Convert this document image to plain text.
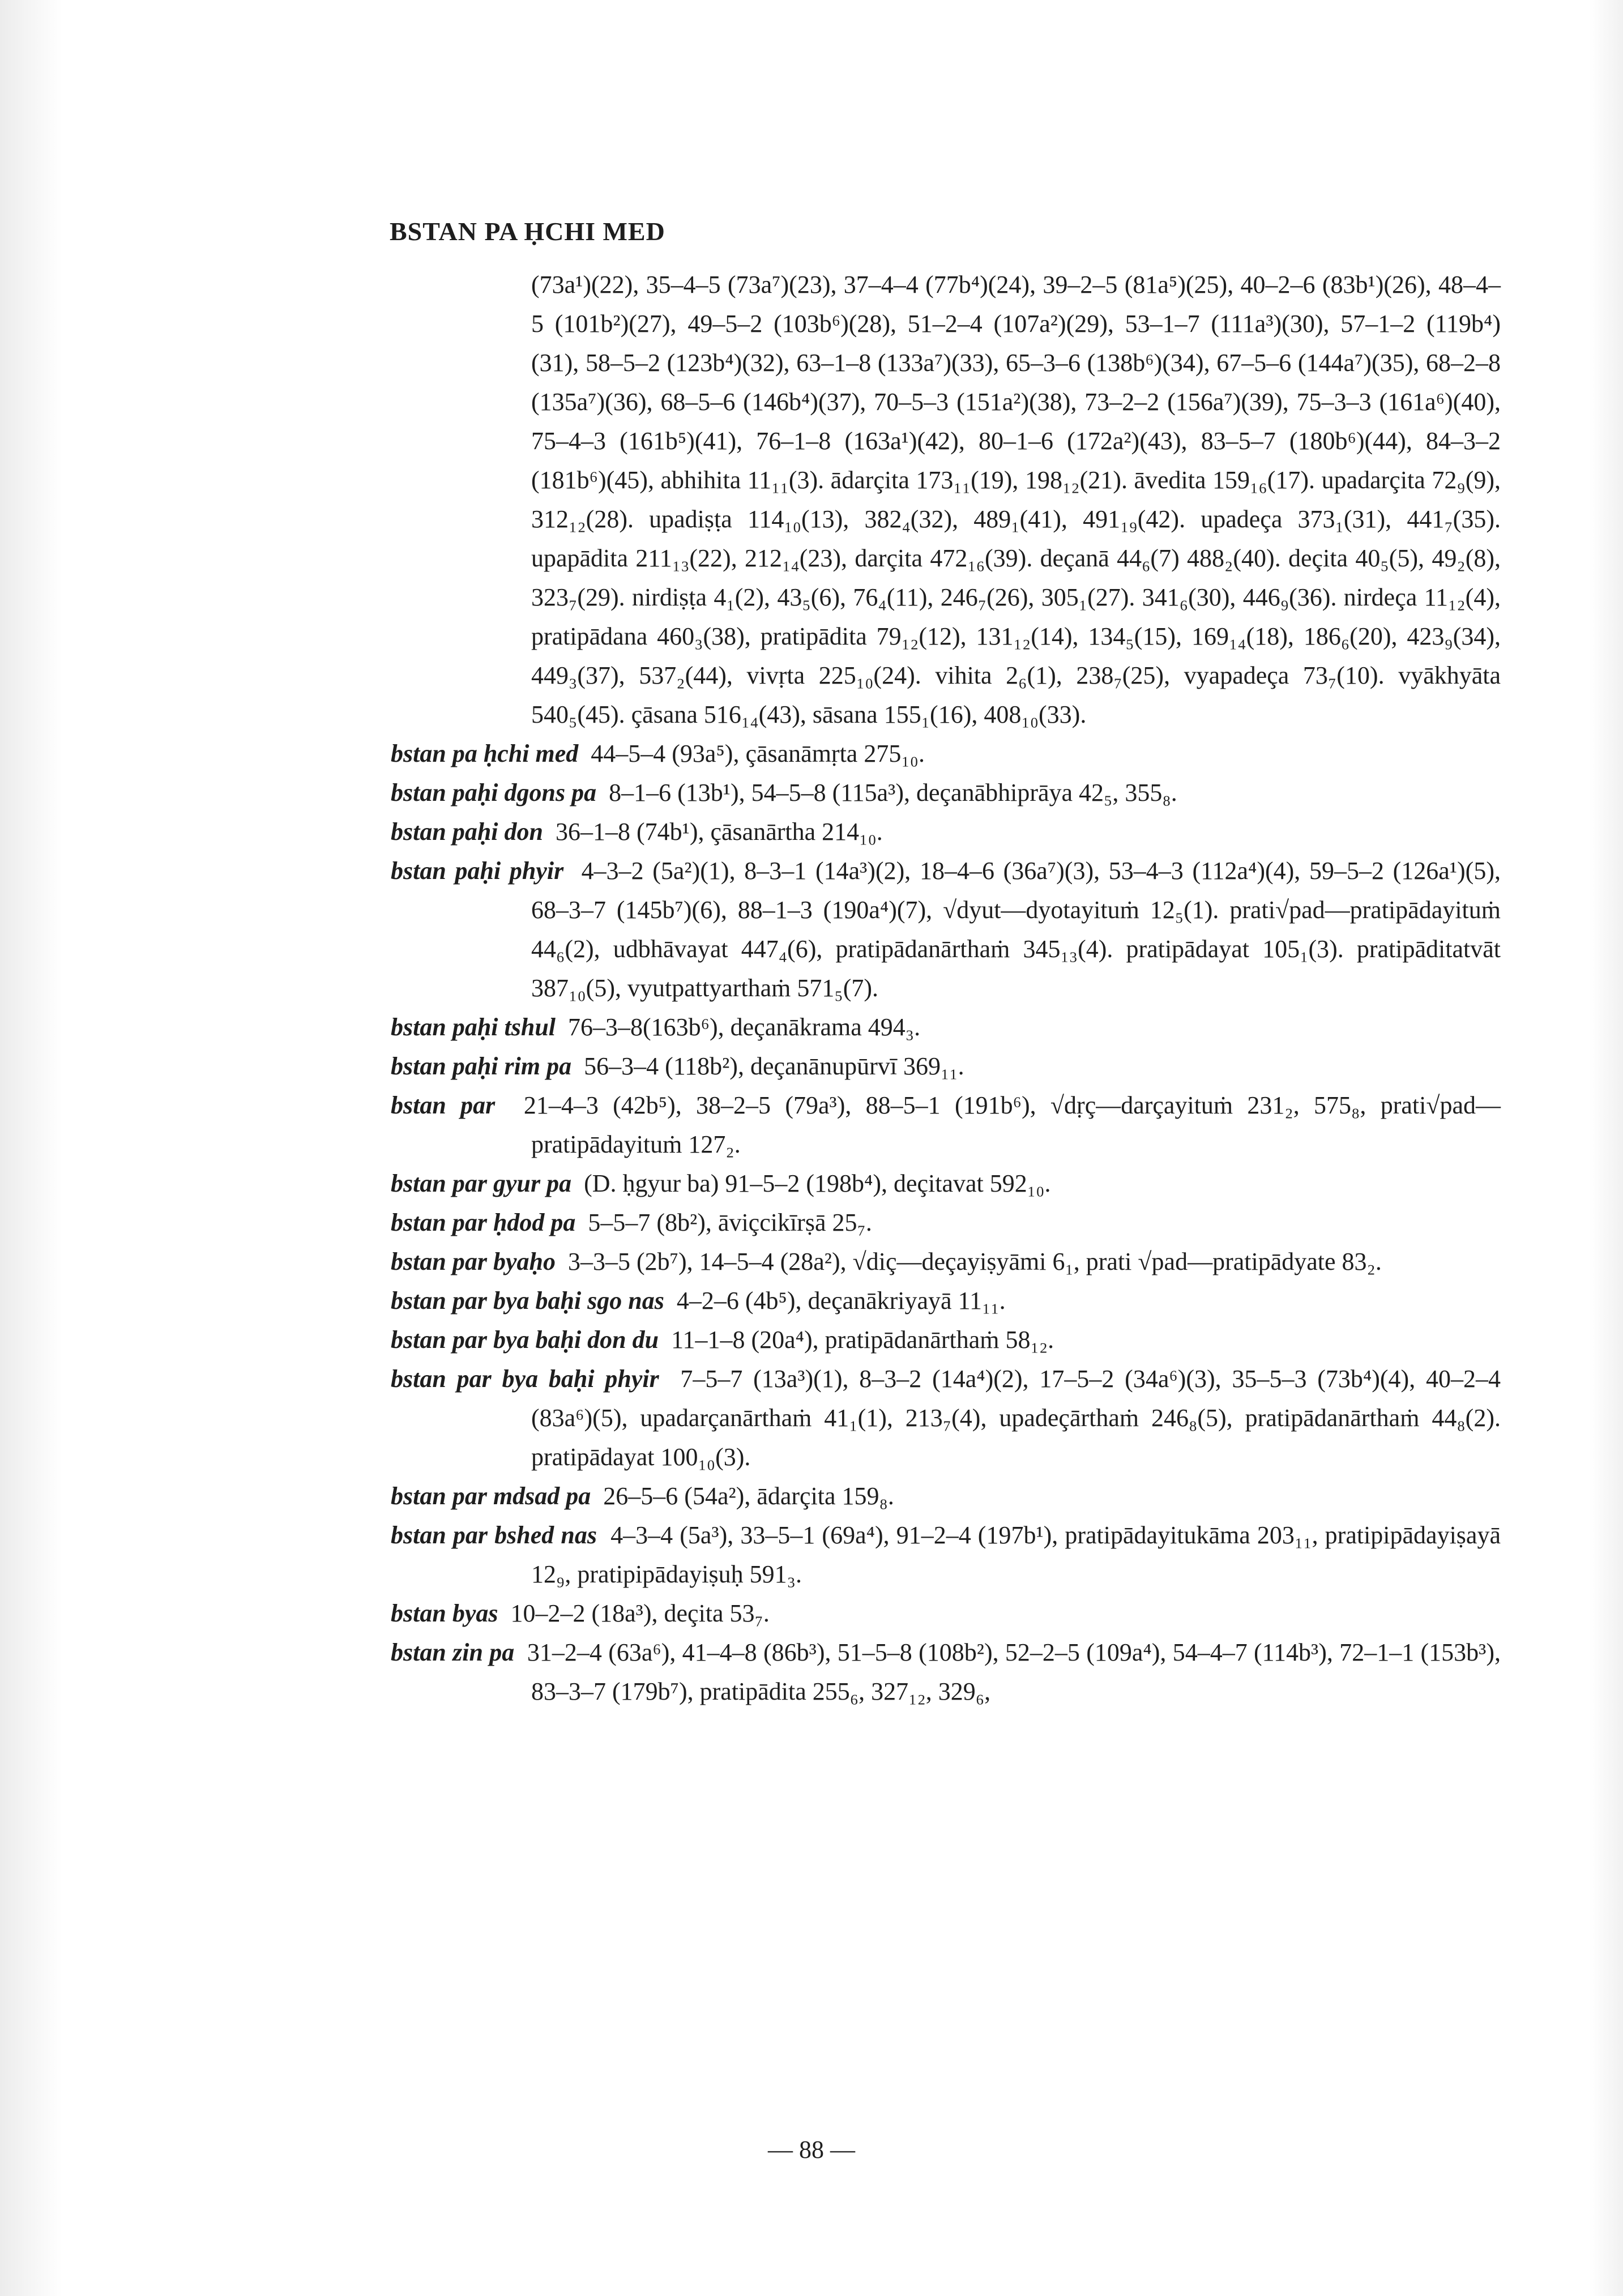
BSTAN PA ḤCHI MED

(73a¹)(22), 35–4–5 (73a⁷)(23), 37–4–4 (77b⁴)(24), 39–2–5 (81a⁵)(25), 40–2–6 (83b¹)(26), 48–4–5 (101b²)(27), 49–5–2 (103b⁶)(28), 51–2–4 (107a²)(29), 53–1–7 (111a³)(30), 57–1–2 (119b⁴)(31), 58–5–2 (123b⁴)(32), 63–1–8 (133a⁷)(33), 65–3–6 (138b⁶)(34), 67–5–6 (144a⁷)(35), 68–2–8 (135a⁷)(36), 68–5–6 (146b⁴)(37), 70–5–3 (151a²)(38), 73–2–2 (156a⁷)(39), 75–3–3 (161a⁶)(40), 75–4–3 (161b⁵)(41), 76–1–8 (163a¹)(42), 80–1–6 (172a²)(43), 83–5–7 (180b⁶)(44), 84–3–2 (181b⁶)(45), abhihita 11₁₁(3). ādarçita 173₁₁(19), 198₁₂(21). āvedita 159₁₆(17). upadarçita 72₉(9), 312₁₂(28). upadiṣṭa 114₁₀(13), 382₄(32), 489₁(41), 491₁₉(42). upadeça 373₁(31), 441₇(35). upapādita 211₁₃(22), 212₁₄(23), darçita 472₁₆(39). deçanā 44₆(7) 488₂(40). deçita 40₅(5), 49₂(8), 323₇(29). nirdiṣṭa 4₁(2), 43₅(6), 76₄(11), 246₇(26), 305₁(27). 341₆(30), 446₉(36). nirdeça 11₁₂(4), pratipādana 460₃(38), pratipādita 79₁₂(12), 131₁₂(14), 134₅(15), 169₁₄(18), 186₆(20), 423₉(34), 449₃(37), 537₂(44), vivṛta 225₁₀(24). vihita 2₆(1), 238₇(25), vyapadeça 73₇(10). vyākhyāta 540₅(45). çāsana 516₁₄(43), sāsana 155₁(16), 408₁₀(33).

bstan pa ḥchi med 44–5–4 (93a⁵), çāsanāmṛta 275₁₀.

bstan paḥi dgons pa 8–1–6 (13b¹), 54–5–8 (115a³), deçanābhiprāya 42₅, 355₈.

bstan paḥi don 36–1–8 (74b¹), çāsanārtha 214₁₀.

bstan paḥi phyir 4–3–2 (5a²)(1), 8–3–1 (14a³)(2), 18–4–6 (36a⁷)(3), 53–4–3 (112a⁴)(4), 59–5–2 (126a¹)(5), 68–3–7 (145b⁷)(6), 88–1–3 (190a⁴)(7), √dyut—dyotayituṁ 12₅(1). prati√pad—pratipādayituṁ 44₆(2), udbhāvayat 447₄(6), pratipādanārthaṁ 345₁₃(4). pratipādayat 105₁(3). pratipāditatvāt 387₁₀(5), vyutpattyarthaṁ 571₅(7).

bstan paḥi tshul 76–3–8(163b⁶), deçanākrama 494₃.

bstan paḥi rim pa 56–3–4 (118b²), deçanānupūrvī 369₁₁.

bstan par 21–4–3 (42b⁵), 38–2–5 (79a³), 88–5–1 (191b⁶), √dṛç—darçayituṁ 231₂, 575₈, prati√pad—pratipādayituṁ 127₂.

bstan par gyur pa (D. ḥgyur ba) 91–5–2 (198b⁴), deçitavat 592₁₀.

bstan par ḥdod pa 5–5–7 (8b²), āviçcikīrṣā 25₇.

bstan par byaḥo 3–3–5 (2b⁷), 14–5–4 (28a²), √diç—deçayiṣyāmi 6₁, prati √pad—pratipādyate 83₂.

bstan par bya baḥi sgo nas 4–2–6 (4b⁵), deçanākriyayā 11₁₁.

bstan par bya baḥi don du 11–1–8 (20a⁴), pratipādanārthaṁ 58₁₂.

bstan par bya baḥi phyir 7–5–7 (13a³)(1), 8–3–2 (14a⁴)(2), 17–5–2 (34a⁶)(3), 35–5–3 (73b⁴)(4), 40–2–4 (83a⁶)(5), upadarçanārthaṁ 41₁(1), 213₇(4), upadeçārthaṁ 246₈(5), pratipādanārthaṁ 44₈(2). pratipādayat 100₁₀(3).

bstan par mdsad pa 26–5–6 (54a²), ādarçita 159₈.

bstan par bshed nas 4–3–4 (5a³), 33–5–1 (69a⁴), 91–2–4 (197b¹), pratipādayitukāma 203₁₁, pratipipādayiṣayā 12₉, pratipipādayiṣuḥ 591₃.

bstan byas 10–2–2 (18a³), deçita 53₇.

bstan zin pa 31–2–4 (63a⁶), 41–4–8 (86b³), 51–5–8 (108b²), 52–2–5 (109a⁴), 54–4–7 (114b³), 72–1–1 (153b³), 83–3–7 (179b⁷), pratipādita 255₆, 327₁₂, 329₆,

— 88 —
